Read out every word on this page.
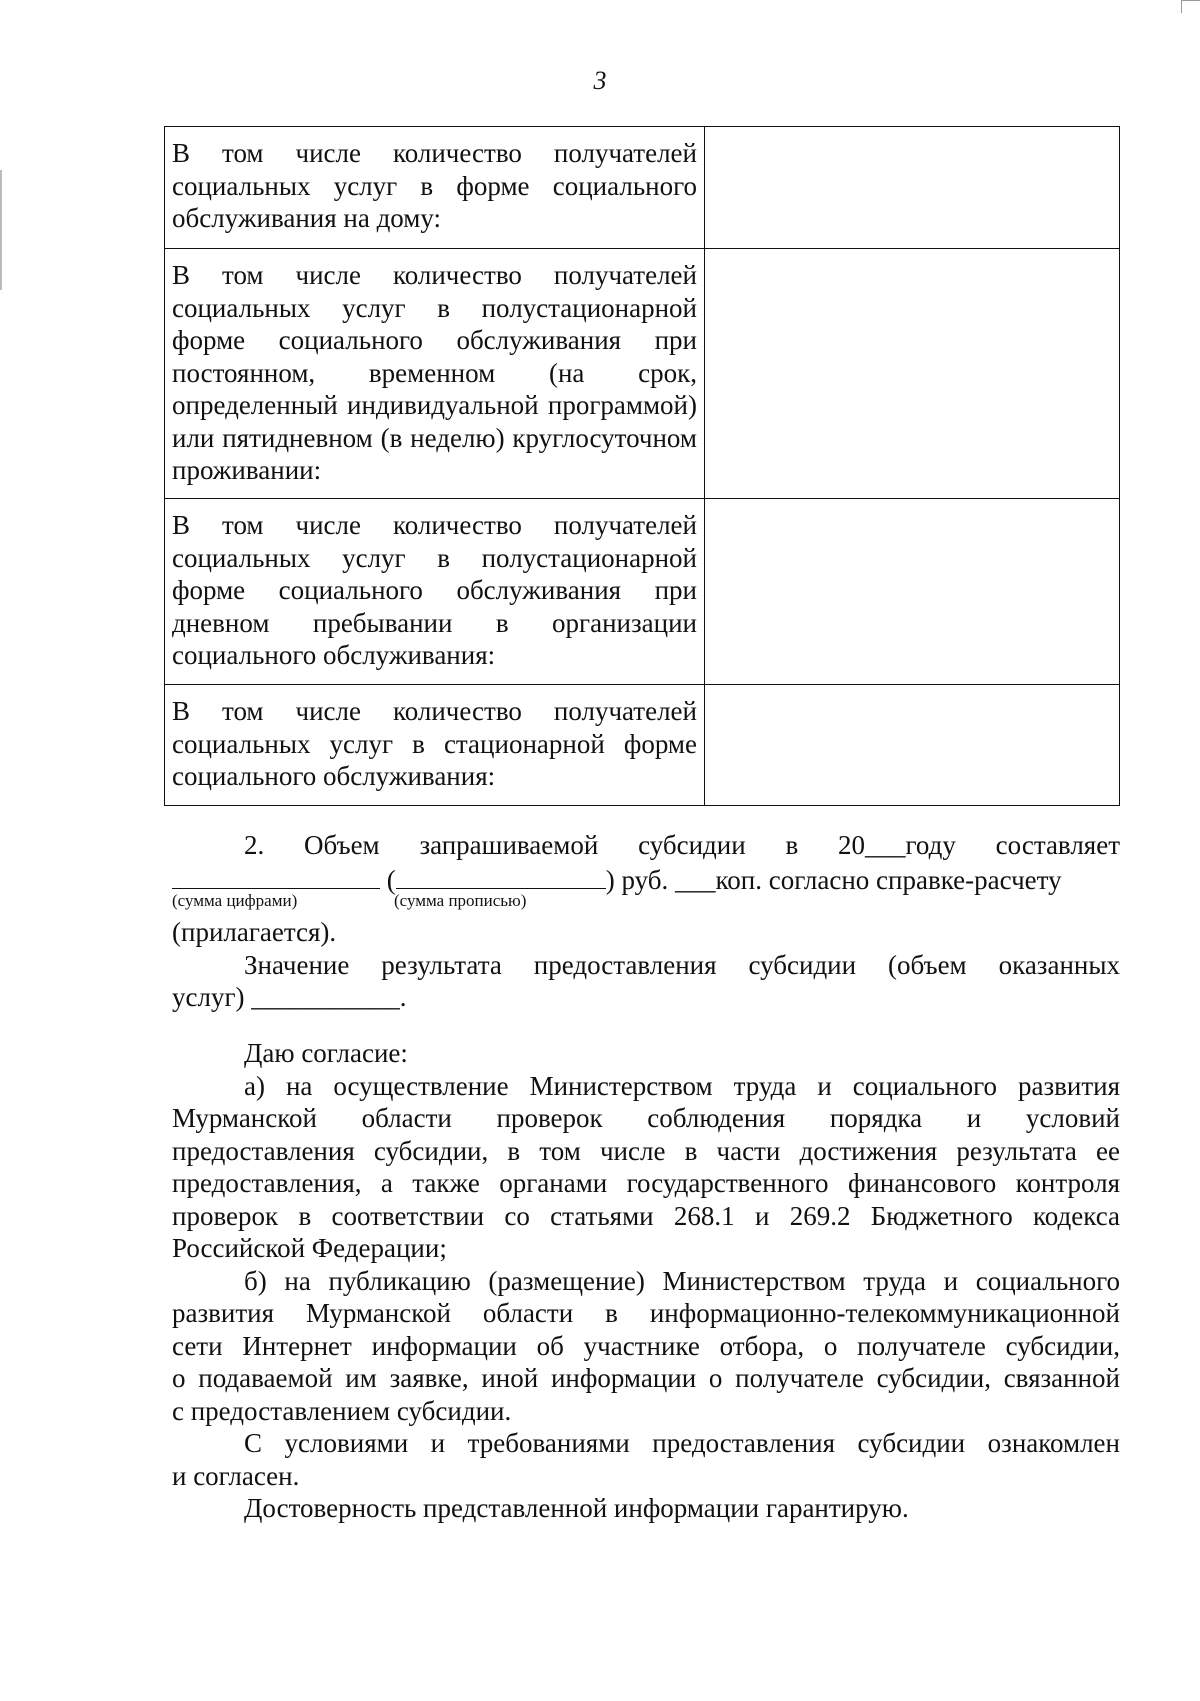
3
В том числе количество получателей социальных услуг в форме социального обслуживания на дому:	
В том числе количество получателей социальных услуг в полустационарной форме социального обслуживания при постоянном, временном (на срок, определенный индивидуальной программой) или пятидневном (в неделю) круглосуточном проживании:	
В том числе количество получателей социальных услуг в полустационарной форме социального обслуживания при дневном пребывании в организации социального обслуживания:	
В том числе количество получателей социальных услуг в стационарной форме социального обслуживания:	
2. Объем запрашиваемой субсидии в 20___году составляет
(	) руб. ___коп. согласно справке-расчету
(сумма цифрами)	(сумма прописью)
(прилагается).
Значение результата предоставления субсидии (объем оказанных
услуг) ___________.
Даю согласие:
а) на осуществление Министерством труда и социального развития
Мурманской области проверок соблюдения порядка и условий
предоставления субсидии, в том числе в части достижения результата ее
предоставления, а также органами государственного финансового контроля
проверок в соответствии со статьями 268.1 и 269.2 Бюджетного кодекса
Российской Федерации;
б) на публикацию (размещение) Министерством труда и социального
развития Мурманской области в информационно-телекоммуникационной
сети Интернет информации об участнике отбора, о получателе субсидии,
о подаваемой им заявке, иной информации о получателе субсидии, связанной
с предоставлением субсидии.
С условиями и требованиями предоставления субсидии ознакомлен
и согласен.
Достоверность представленной информации гарантирую.
